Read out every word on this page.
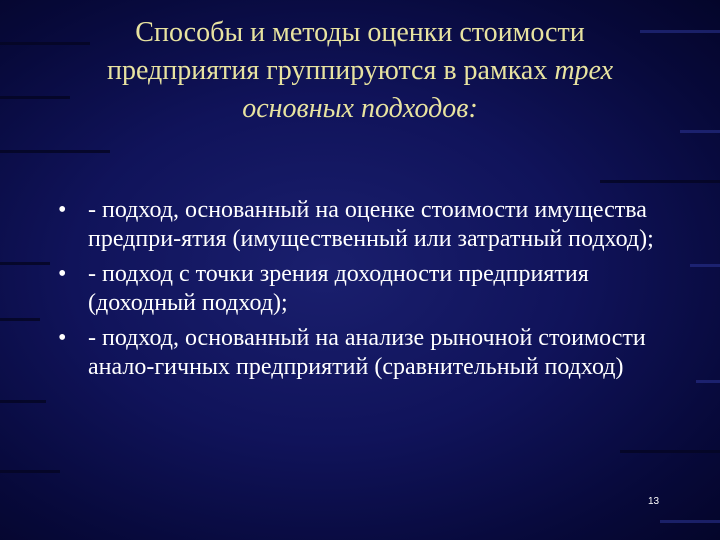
Способы и методы оценки стоимости
предприятия группируются в рамках трех
основных подходов:
• - подход, основанный на оценке стоимости имущества предпри-ятия (имущественный или затратный подход);
• - подход с точки зрения доходности предприятия (доходный подход);
• - подход, основанный на анализе рыночной стоимости анало-гичных предприятий (сравнительный подход)
13
